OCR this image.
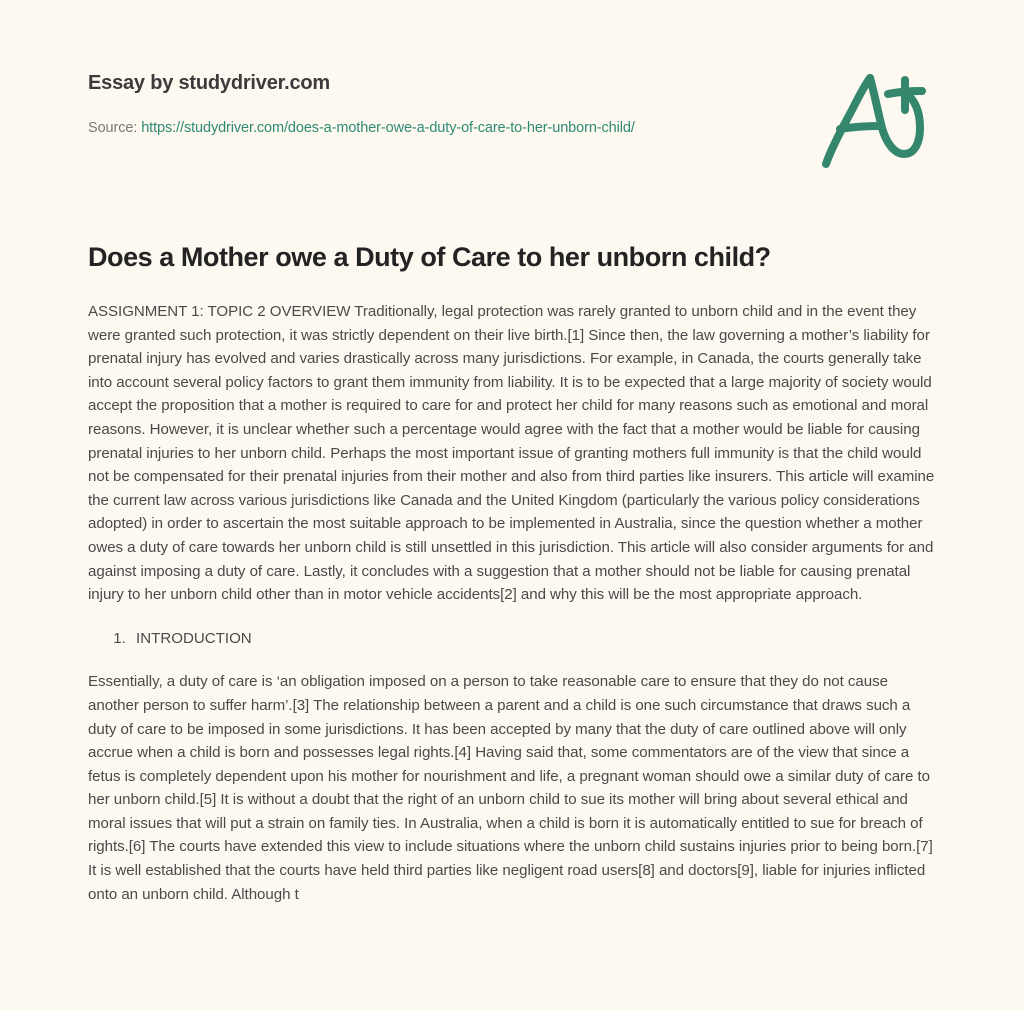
Essay by studydriver.com
Source: https://studydriver.com/does-a-mother-owe-a-duty-of-care-to-her-unborn-child/
Does a Mother owe a Duty of Care to her unborn child?

ASSIGNMENT 1: TOPIC 2 OVERVIEW Traditionally, legal protection was rarely granted to unborn child and in the event they were granted such protection, it was strictly dependent on their live birth.[1] Since then, the law governing a mother’s liability for prenatal injury has evolved and varies drastically across many jurisdictions. For example, in Canada, the courts generally take into account several policy factors to grant them immunity from liability. It is to be expected that a large majority of society would accept the proposition that a mother is required to care for and protect her child for many reasons such as emotional and moral reasons. However, it is unclear whether such a percentage would agree with the fact that a mother would be liable for causing prenatal injuries to her unborn child. Perhaps the most important issue of granting mothers full immunity is that the child would not be compensated for their prenatal injuries from their mother and also from third parties like insurers. This article will examine the current law across various jurisdictions like Canada and the United Kingdom (particularly the various policy considerations adopted) in order to ascertain the most suitable approach to be implemented in Australia, since the question whether a mother owes a duty of care towards her unborn child is still unsettled in this jurisdiction. This article will also consider arguments for and against imposing a duty of care. Lastly, it concludes with a suggestion that a mother should not be liable for causing prenatal injury to her unborn child other than in motor vehicle accidents[2] and why this will be the most appropriate approach.

1. INTRODUCTION

Essentially, a duty of care is ‘an obligation imposed on a person to take reasonable care to ensure that they do not cause another person to suffer harm’.[3] The relationship between a parent and a child is one such circumstance that draws such a duty of care to be imposed in some jurisdictions. It has been accepted by many that the duty of care outlined above will only accrue when a child is born and possesses legal rights.[4] Having said that, some commentators are of the view that since a fetus is completely dependent upon his mother for nourishment and life, a pregnant woman should owe a similar duty of care to her unborn child.[5] It is without a doubt that the right of an unborn child to sue its mother will bring about several ethical and moral issues that will put a strain on family ties. In Australia, when a child is born it is automatically entitled to sue for breach of rights.[6] The courts have extended this view to include situations where the unborn child sustains injuries prior to being born.[7] It is well established that the courts have held third parties like negligent road users[8] and doctors[9], liable for injuries inflicted onto an unborn child. Although t
